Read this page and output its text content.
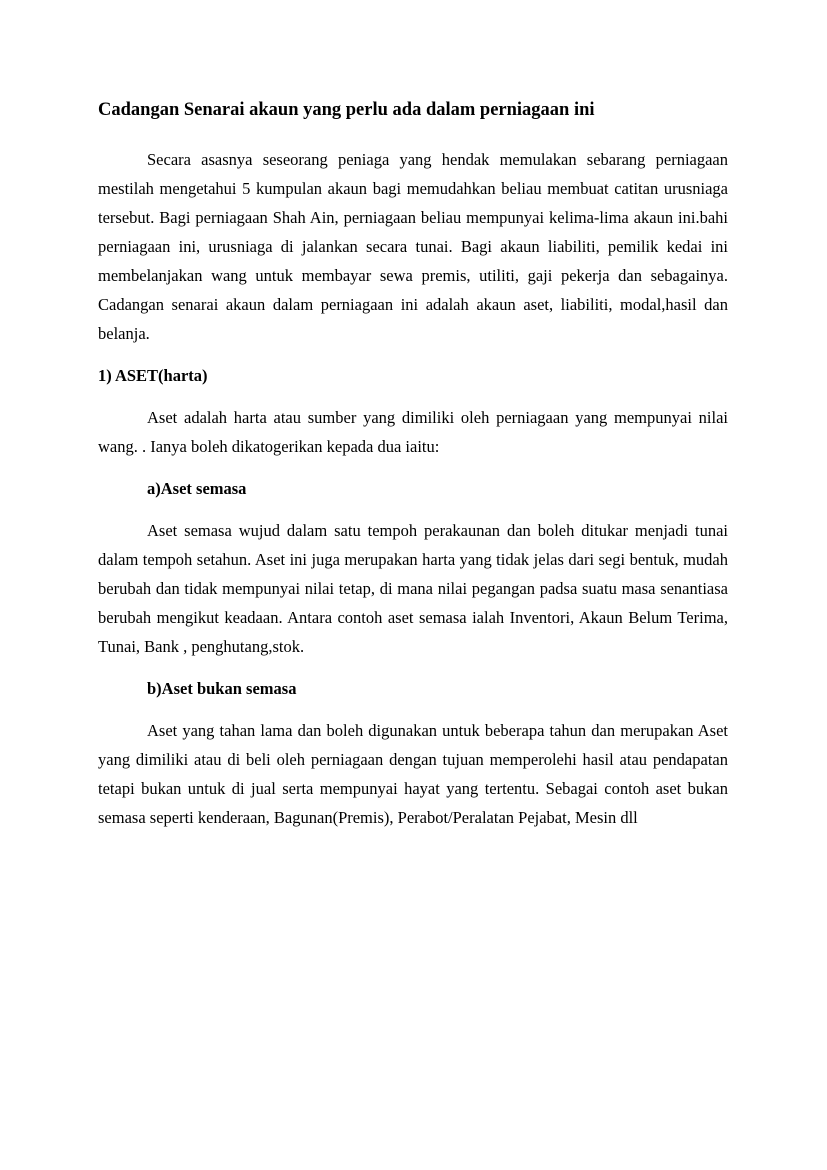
Cadangan Senarai akaun yang perlu ada dalam perniagaan ini

Secara asasnya seseorang peniaga yang hendak memulakan sebarang perniagaan mestilah mengetahui 5 kumpulan akaun bagi memudahkan beliau membuat catitan urusniaga tersebut. Bagi perniagaan Shah Ain, perniagaan beliau mempunyai kelima-lima akaun ini.bahi perniagaan ini, urusniaga di jalankan secara tunai. Bagi akaun liabiliti, pemilik kedai ini membelanjakan wang untuk membayar sewa premis, utiliti, gaji pekerja dan sebagainya. Cadangan senarai akaun dalam perniagaan ini adalah akaun aset, liabiliti, modal,hasil dan belanja.

1) ASET(harta)

Aset adalah harta atau sumber yang dimiliki oleh perniagaan yang mempunyai nilai wang. . Ianya boleh dikatogerikan kepada dua iaitu:

a)Aset semasa

Aset semasa wujud dalam satu tempoh perakaunan dan boleh ditukar menjadi tunai dalam tempoh setahun. Aset ini juga merupakan harta yang tidak jelas dari segi bentuk, mudah berubah dan tidak mempunyai nilai tetap, di mana nilai pegangan padsa suatu masa senantiasa berubah mengikut keadaan. Antara contoh aset semasa ialah Inventori, Akaun Belum Terima, Tunai, Bank , penghutang,stok.

b)Aset bukan semasa

Aset yang tahan lama dan boleh digunakan untuk beberapa tahun dan merupakan Aset yang dimiliki atau di beli oleh perniagaan dengan tujuan memperolehi hasil atau pendapatan tetapi bukan untuk di jual serta mempunyai hayat yang tertentu. Sebagai contoh aset bukan semasa seperti kenderaan, Bagunan(Premis), Perabot/Peralatan Pejabat, Mesin dll
